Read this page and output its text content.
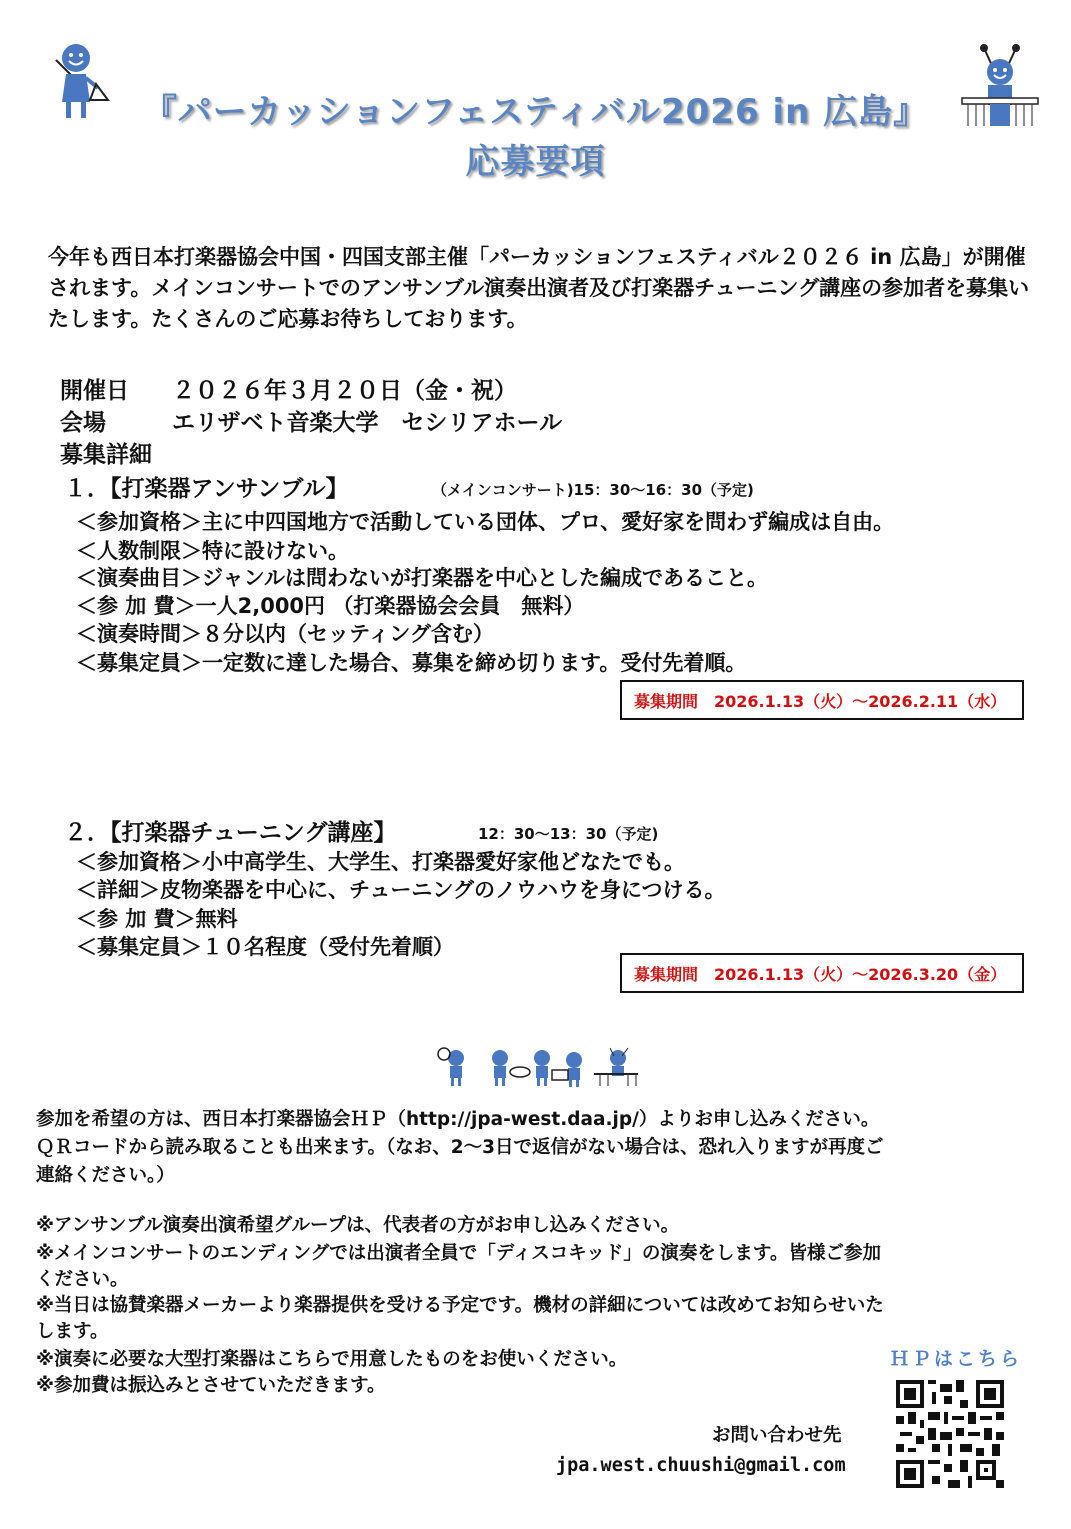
『パーカッションフェスティバル2026 in 広島』
応募要項
今年も西日本打楽器協会中国・四国支部主催「パーカッションフェスティバル２０２６ in 広島」が開催されます。メインコンサートでのアンサンブル演奏出演者及び打楽器チューニング講座の参加者を募集いたします。たくさんのご応募お待ちしております。
開催日 ２０２６年３月２０日（金・祝）
会場	エリザベト音楽大学　セシリアホール
募集詳細
１．【打楽器アンサンブル】	（メインコンサート)15：30～16：30（予定)
＜参加資格＞主に中四国地方で活動している団体、プロ、愛好家を問わず編成は自由。
＜人数制限＞特に設けない。
＜演奏曲目＞ジャンルは問わないが打楽器を中心とした編成であること。
＜参 加 費＞一人2,000円 （打楽器協会会員　無料）
＜演奏時間＞８分以内（セッティング含む）
＜募集定員＞一定数に達した場合、募集を締め切ります。受付先着順。
募集期間 2026.1.13（火）～2026.2.11（水）
２．【打楽器チューニング講座】	12：30～13：30（予定)
＜参加資格＞小中高学生、大学生、打楽器愛好家他どなたでも。
＜詳細＞皮物楽器を中心に、チューニングのノウハウを身につける。
＜参 加 費＞無料
＜募集定員＞１０名程度（受付先着順）
募集期間 2026.1.13（火）～2026.3.20（金）
参加を希望の方は、西日本打楽器協会ＨＰ（http://jpa-west.daa.jp/）よりお申し込みください。
ＱＲコードから読み取ることも出来ます。（なお、2～3日で返信がない場合は、恐れ入りますが再度ご
連絡ください。）
※アンサンブル演奏出演希望グループは、代表者の方がお申し込みください。
※メインコンサートのエンディングでは出演者全員で「ディスコキッド」の演奏をします。皆様ご参加
ください。
※当日は協賛楽器メーカーより楽器提供を受ける予定です。機材の詳細については改めてお知らせいた
します。
※演奏に必要な大型打楽器はこちらで用意したものをお使いください。
※参加費は振込みとさせていただきます。
ＨＰはこちら
お問い合わせ先
jpa.west.chuushi@gmail.com
